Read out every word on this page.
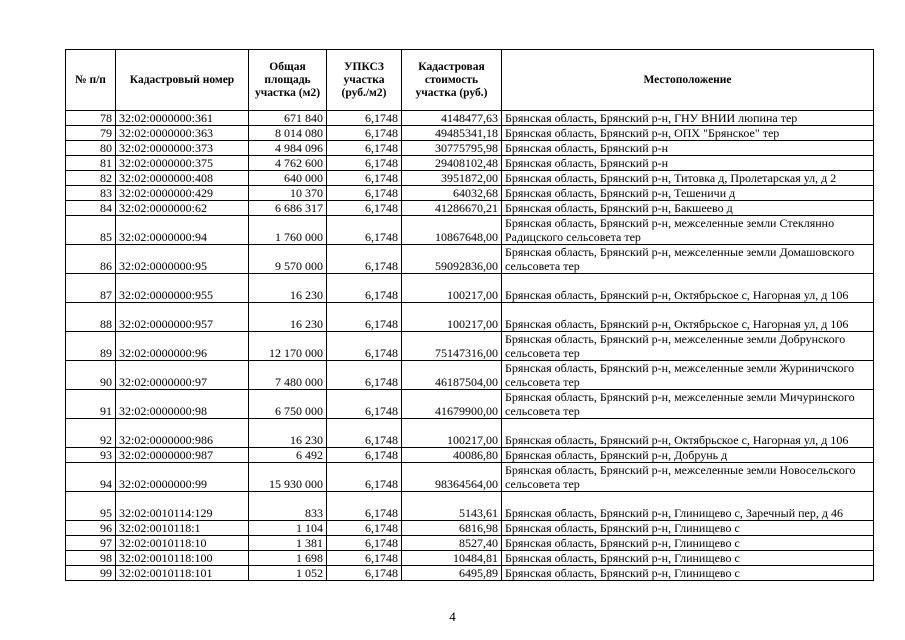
№ п/п	Кадастровый номер	Общая площадь участка (м2)	УПКСЗ участка (руб./м2)	Кадастровая стоимость участка (руб.)	Местоположение
78	32:02:0000000:361	671 840	6,1748	4148477,63	Брянская область, Брянский р-н, ГНУ ВНИИ люпина тер
79	32:02:0000000:363	8 014 080	6,1748	49485341,18	Брянская область, Брянский р-н, ОПХ "Брянское" тер
80	32:02:0000000:373	4 984 096	6,1748	30775795,98	Брянская область, Брянский р-н
81	32:02:0000000:375	4 762 600	6,1748	29408102,48	Брянская область, Брянский р-н
82	32:02:0000000:408	640 000	6,1748	3951872,00	Брянская область, Брянский р-н, Титовка д, Пролетарская ул, д 2
83	32:02:0000000:429	10 370	6,1748	64032,68	Брянская область, Брянский р-н, Тешеничи д
84	32:02:0000000:62	6 686 317	6,1748	41286670,21	Брянская область, Брянский р-н, Бакшеево д
85	32:02:0000000:94	1 760 000	6,1748	10867648,00	Брянская область, Брянский р-н, межселенные земли Стеклянно Радицского сельсовета тер
86	32:02:0000000:95	9 570 000	6,1748	59092836,00	Брянская область, Брянский р-н, межселенные земли Домашовского сельсовета тер
87	32:02:0000000:955	16 230	6,1748	100217,00	Брянская область, Брянский р-н, Октябрьское с, Нагорная ул, д 106
88	32:02:0000000:957	16 230	6,1748	100217,00	Брянская область, Брянский р-н, Октябрьское с, Нагорная ул, д 106
89	32:02:0000000:96	12 170 000	6,1748	75147316,00	Брянская область, Брянский р-н, межселенные земли Добрунского сельсовета тер
90	32:02:0000000:97	7 480 000	6,1748	46187504,00	Брянская область, Брянский р-н, межселенные земли Журиничского сельсовета тер
91	32:02:0000000:98	6 750 000	6,1748	41679900,00	Брянская область, Брянский р-н, межселенные земли Мичуринского сельсовета тер
92	32:02:0000000:986	16 230	6,1748	100217,00	Брянская область, Брянский р-н, Октябрьское с, Нагорная ул, д 106
93	32:02:0000000:987	6 492	6,1748	40086,80	Брянская область, Брянский р-н, Добрунь д
94	32:02:0000000:99	15 930 000	6,1748	98364564,00	Брянская область, Брянский р-н, межселенные земли Новосельского сельсовета тер
95	32:02:0010114:129	833	6,1748	5143,61	Брянская область, Брянский р-н, Глинищево с, Заречный пер, д 46
96	32:02:0010118:1	1 104	6,1748	6816,98	Брянская область, Брянский р-н, Глинищево с
97	32:02:0010118:10	1 381	6,1748	8527,40	Брянская область, Брянский р-н, Глинищево с
98	32:02:0010118:100	1 698	6,1748	10484,81	Брянская область, Брянский р-н, Глинищево с
99	32:02:0010118:101	1 052	6,1748	6495,89	Брянская область, Брянский р-н, Глинищево с
4
